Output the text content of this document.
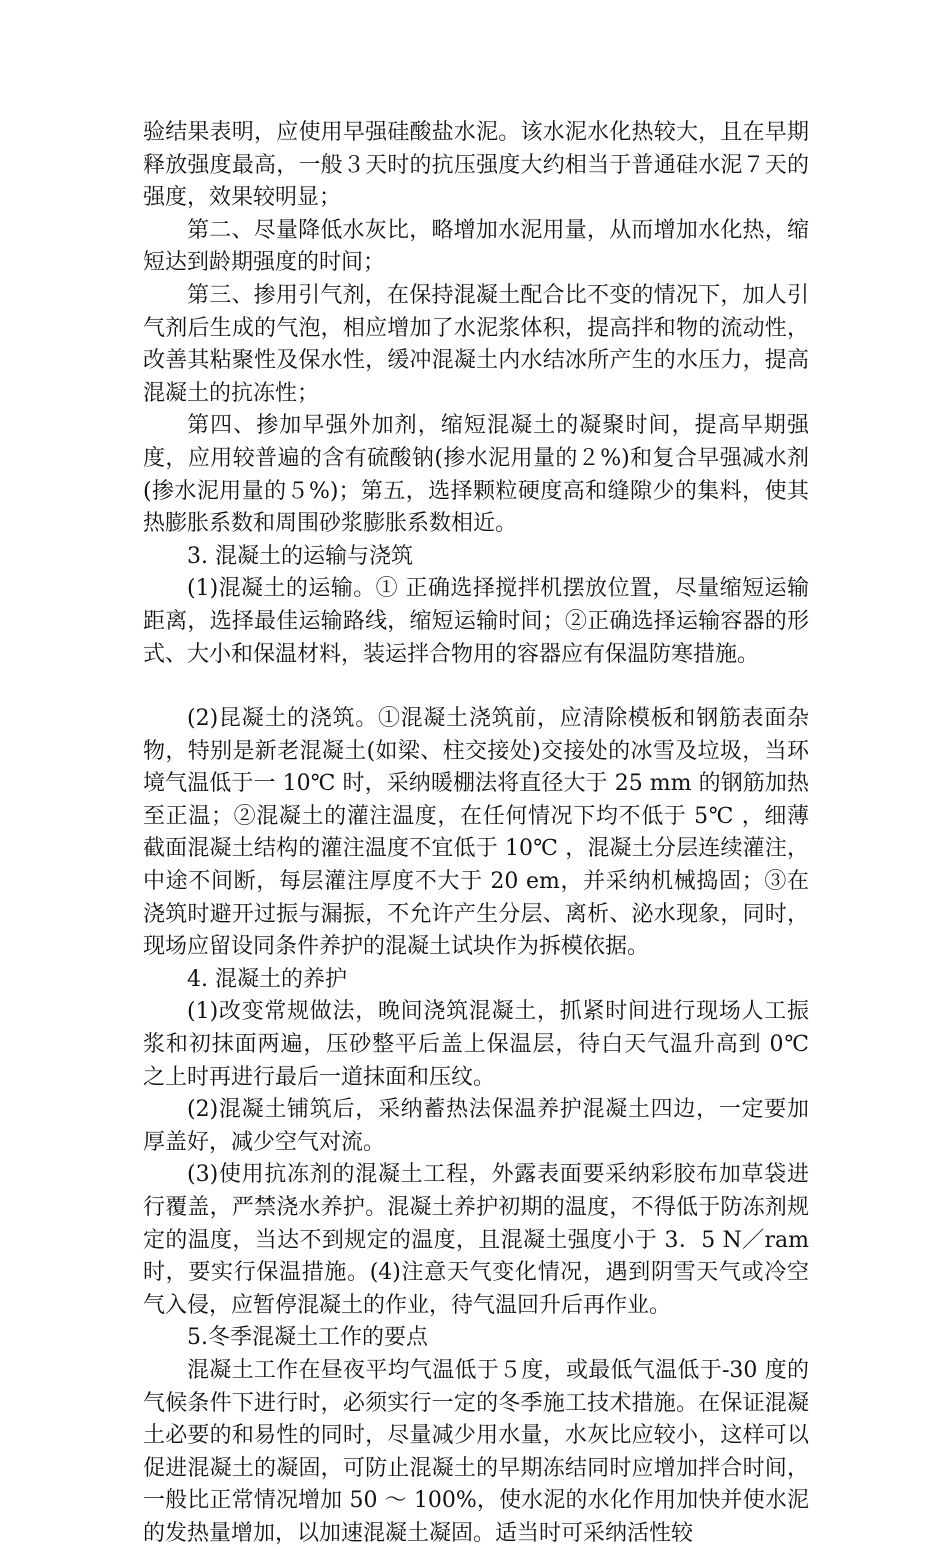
验结果表明，应使用早强硅酸盐水泥。该水泥水化热较大，且在早期释放强度最高，一般３天时的抗压强度大约相当于普通硅水泥７天的强度，效果较明显；

第二、尽量降低水灰比，略增加水泥用量，从而增加水化热，缩短达到龄期强度的时间；

第三、掺用引气剂，在保持混凝土配合比不变的情况下，加人引气剂后生成的气泡，相应增加了水泥浆体积，提高拌和物的流动性，改善其粘聚性及保水性，缓冲混凝土内水结冰所产生的水压力，提高混凝土的抗冻性；

第四、掺加早强外加剂，缩短混凝土的凝聚时间，提高早期强度，应用较普遍的含有硫酸钠(掺水泥用量的２%)和复合早强减水剂(掺水泥用量的５%)；第五，选择颗粒硬度高和缝隙少的集料，使其热膨胀系数和周围砂浆膨胀系数相近。

3. 混凝土的运输与浇筑

(1)混凝土的运输。① 正确选择搅拌机摆放位置，尽量缩短运输距离，选择最佳运输路线，缩短运输时间；②正确选择运输容器的形式、大小和保温材料，装运拌合物用的容器应有保温防寒措施。

(2)昆凝土的浇筑。①混凝土浇筑前，应清除模板和钢筋表面杂物，特别是新老混凝土(如梁、柱交接处)交接处的冰雪及垃圾，当环境气温低于一 10℃ 时，采纳暖棚法将直径大于 25 mm 的钢筋加热至正温；②混凝土的灌注温度，在任何情况下均不低于 5℃ ，细薄截面混凝土结构的灌注温度不宜低于 10℃ ，混凝土分层连续灌注，中途不间断，每层灌注厚度不大于 20 em，并采纳机械捣固；③在浇筑时避开过振与漏振，不允许产生分层、离析、泌水现象，同时，现场应留设同条件养护的混凝土试块作为拆模依据。

4. 混凝土的养护

(1)改变常规做法，晚间浇筑混凝土，抓紧时间进行现场人工振浆和初抹面两遍，压砂整平后盖上保温层，待白天气温升高到 0℃ 之上时再进行最后一道抹面和压纹。

(2)混凝土铺筑后，采纳蓄热法保温养护混凝土四边，一定要加厚盖好，减少空气对流。

(3)使用抗冻剂的混凝土工程，外露表面要采纳彩胶布加草袋进行覆盖，严禁浇水养护。混凝土养护初期的温度，不得低于防冻剂规定的温度，当达不到规定的温度，且混凝土强度小于 3．5 N／ram 时，要实行保温措施。(4)注意天气变化情况，遇到阴雪天气或冷空气入侵，应暂停混凝土的作业，待气温回升后再作业。

5.冬季混凝土工作的要点

混凝土工作在昼夜平均气温低于５度，或最低气温低于-30 度的气候条件下进行时，必须实行一定的冬季施工技术措施。在保证混凝土必要的和易性的同时，尽量减少用水量，水灰比应较小，这样可以促进混凝土的凝固，可防止混凝土的早期冻结同时应增加拌合时间，一般比正常情况增加 50 ～ 100%，使水泥的水化作用加快并使水泥的发热量增加，以加速混凝土凝固。适当时可采纳活性较
